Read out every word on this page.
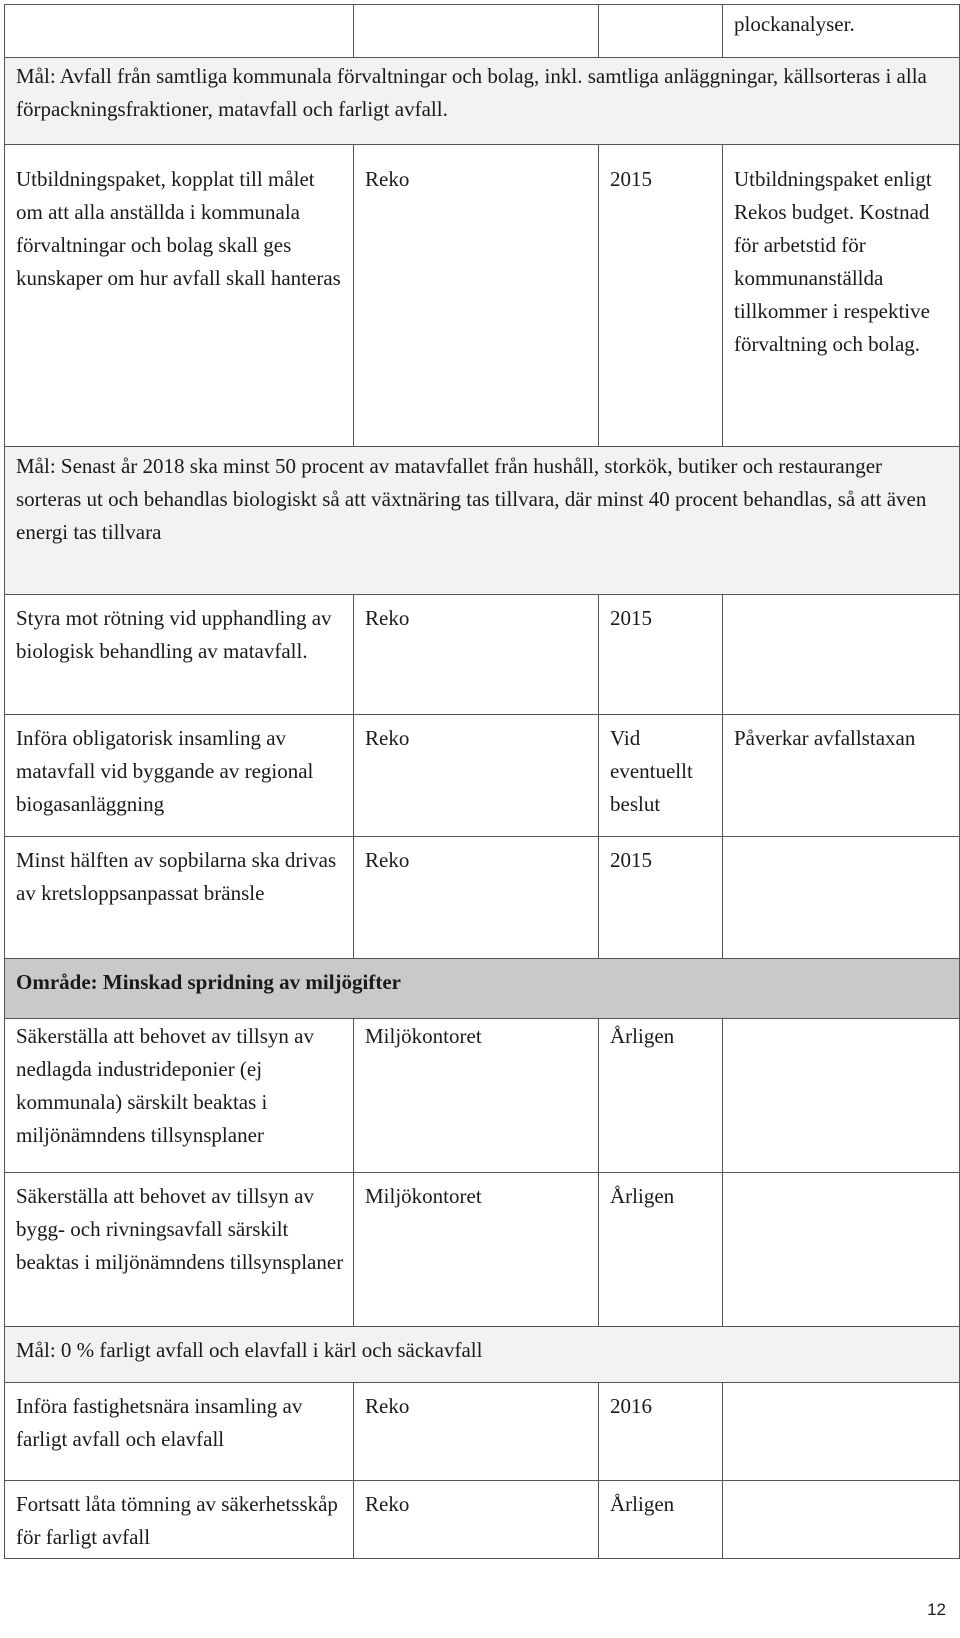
			plockanalyser.
Mål: Avfall från samtliga kommunala förvaltningar och bolag, inkl. samtliga anläggningar, källsorteras i alla förpackningsfraktioner, matavfall och farligt avfall.			
Utbildningspaket, kopplat till målet om att alla anställda i kommunala förvaltningar och bolag skall ges kunskaper om hur avfall skall hanteras	Reko	2015	Utbildningspaket enligt Rekos budget. Kostnad för arbetstid för kommunanställda tillkommer i respektive förvaltning och bolag.
Mål: Senast år 2018 ska minst 50 procent av matavfallet från hushåll, storkök, butiker och restauranger sorteras ut och behandlas biologiskt så att växtnäring tas tillvara, där minst 40 procent behandlas, så att även energi tas tillvara			
Styra mot rötning vid upphandling av biologisk behandling av matavfall.	Reko	2015	
Införa obligatorisk insamling av matavfall vid byggande av regional biogasanläggning	Reko	Vid eventuellt beslut	Påverkar avfallstaxan
Minst hälften av sopbilarna ska drivas av kretsloppsanpassat bränsle	Reko	2015	
Område: Minskad spridning av miljögifter			
Säkerställa att behovet av tillsyn av nedlagda industrideponier (ej kommunala) särskilt beaktas i miljönämndens tillsynsplaner	Miljökontoret	Årligen	
Säkerställa att behovet av tillsyn av bygg- och rivningsavfall särskilt beaktas i miljönämndens tillsynsplaner	Miljökontoret	Årligen	
Mål: 0 % farligt avfall och elavfall i kärl och säckavfall			
Införa fastighetsnära insamling av farligt avfall och elavfall	Reko	2016	
Fortsatt låta tömning av säkerhetsskåp för farligt avfall	Reko	Årligen	
12
